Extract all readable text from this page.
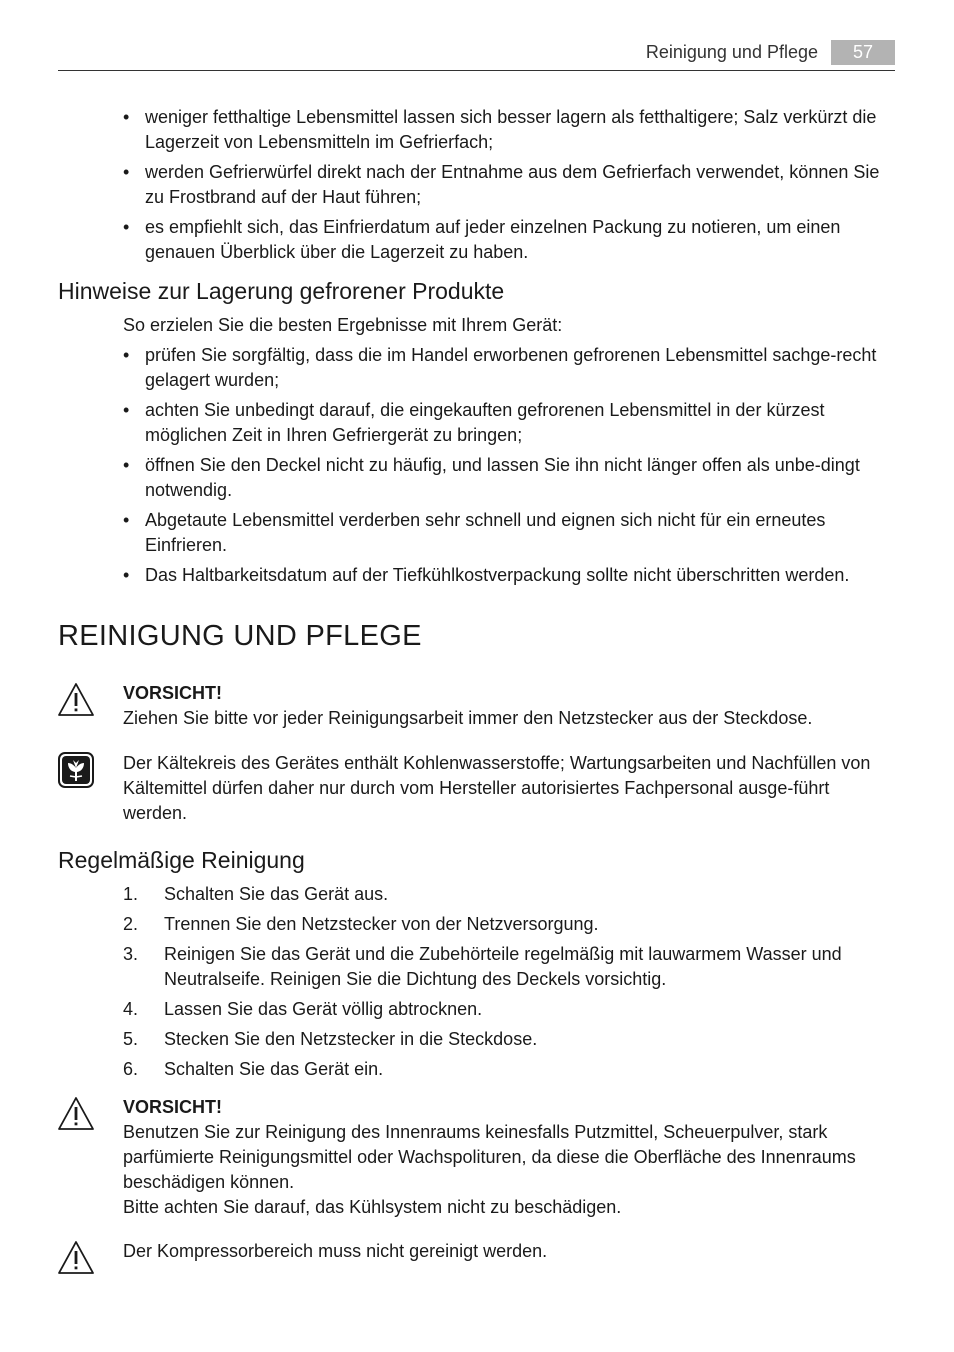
Reinigung und Pflege	57
• weniger fetthaltige Lebensmittel lassen sich besser lagern als fetthaltigere; Salz verkürzt die Lagerzeit von Lebensmitteln im Gefrierfach;
• werden Gefrierwürfel direkt nach der Entnahme aus dem Gefrierfach verwendet, können Sie zu Frostbrand auf der Haut führen;
• es empfiehlt sich, das Einfrierdatum auf jeder einzelnen Packung zu notieren, um einen genauen Überblick über die Lagerzeit zu haben.
Hinweise zur Lagerung gefrorener Produkte

So erzielen Sie die besten Ergebnisse mit Ihrem Gerät:

• prüfen Sie sorgfältig, dass die im Handel erworbenen gefrorenen Lebensmittel sachge-recht gelagert wurden;
• achten Sie unbedingt darauf, die eingekauften gefrorenen Lebensmittel in der kürzest möglichen Zeit in Ihren Gefriergerät zu bringen;
• öffnen Sie den Deckel nicht zu häufig, und lassen Sie ihn nicht länger offen als unbe-dingt notwendig.
• Abgetaute Lebensmittel verderben sehr schnell und eignen sich nicht für ein erneutes Einfrieren.
• Das Haltbarkeitsdatum auf der Tiefkühlkostverpackung sollte nicht überschritten werden.
REINIGUNG UND PFLEGE

VORSICHT!

Ziehen Sie bitte vor jeder Reinigungsarbeit immer den Netzstecker aus der Steckdose.

Der Kältekreis des Gerätes enthält Kohlenwasserstoffe; Wartungsarbeiten und Nachfüllen von Kältemittel dürfen daher nur durch vom Hersteller autorisiertes Fachpersonal ausge-führt werden.

Regelmäßige Reinigung
1. Schalten Sie das Gerät aus.
2. Trennen Sie den Netzstecker von der Netzversorgung.
3. Reinigen Sie das Gerät und die Zubehörteile regelmäßig mit lauwarmem Wasser und Neutralseife. Reinigen Sie die Dichtung des Deckels vorsichtig.
4. Lassen Sie das Gerät völlig abtrocknen.
5. Stecken Sie den Netzstecker in die Steckdose.
6. Schalten Sie das Gerät ein.

VORSICHT!

Benutzen Sie zur Reinigung des Innenraums keinesfalls Putzmittel, Scheuerpulver, stark parfümierte Reinigungsmittel oder Wachspolituren, da diese die Oberfläche des Innenraums beschädigen können.

Bitte achten Sie darauf, das Kühlsystem nicht zu beschädigen.

Der Kompressorbereich muss nicht gereinigt werden.
